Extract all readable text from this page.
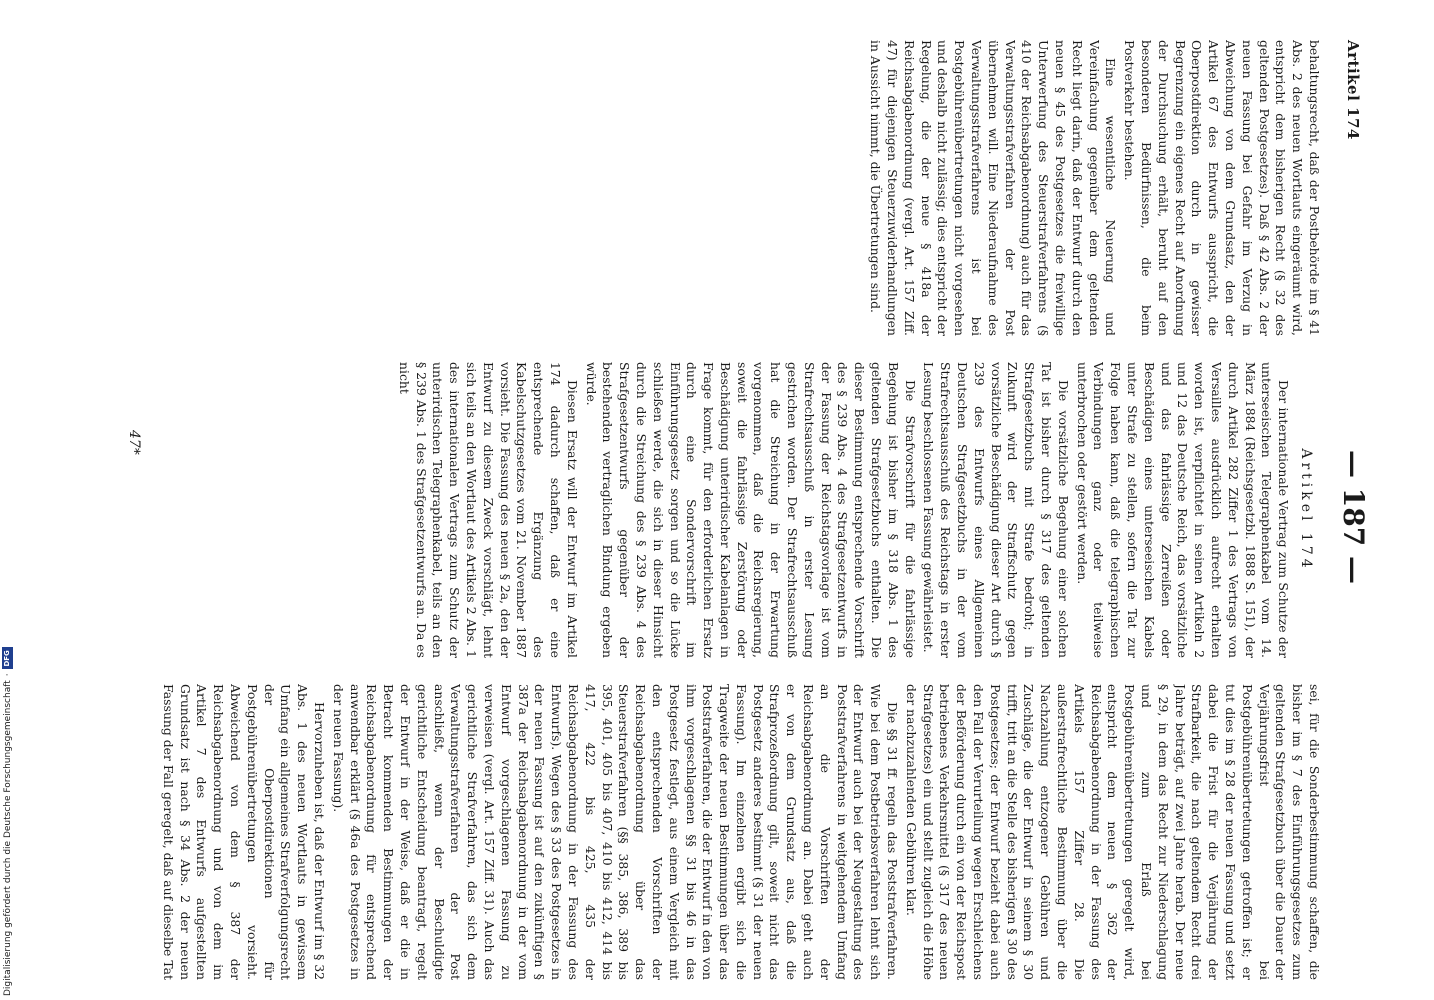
Artikel 174
— 187 —

behaltungsrecht, daß der Postbehörde im § 41 Abs. 2 des neuen Wortlauts eingeräumt wird, entspricht dem bisherigen Recht (§ 32 des geltenden Postgesetzes). Daß § 42 Abs. 2 der neuen Fassung bei Gefahr im Verzug in Abweichung von dem Grundsatz, den der Artikel 67 des Entwurfs ausspricht, die Oberpostdirektion durch in gewisser Begrenzung ein eigenes Recht auf Anordnung der Durchsuchung erhält, beruht auf den besonderen Bedürfnissen, die beim Postverkehr bestehen.

Eine wesentliche Neuerung und Vereinfachung gegenüber dem geltenden Recht liegt darin, daß der Entwurf durch den neuen § 45 des Postgesetzes die freiwillige Unterwerfung des Steuerstrafverfahrens (§ 410 der Reichsabgabenordnung) auch für das Verwaltungsstrafverfahren der Post übernehmen will. Eine Niederaufnahme des Verwaltungsstrafverfahrens ist bei Postgebührenübertretungen nicht vorgesehen und deshalb nicht zulässig; dies entspricht der Regelung, die der neue § 418a der Reichsabgabenordnung (vergl. Art. 157 Ziff. 47) für diejenigen Steuerzuwiderhandlungen in Aussicht nimmt, die Übertretungen sind.

Artikel 174

Der internationale Vertrag zum Schutze der unterseeischen Telegraphenkabel vom 14. März 1884 (Reichsgesetzbl. 1888 S. 151), der durch Artikel 282 Ziffer 1 des Vertrags von Versailles ausdrücklich aufrecht erhalten worden ist, verpflichtet in seinen Artikeln 2 und 12 das Deutsche Reich, das vorsätzliche und das fahrlässige Zerreißen oder Beschädigen eines unterseeischen Kabels unter Strafe zu stellen, sofern die Tat zur Folge haben kann, daß die telegraphischen Verbindungen ganz oder teilweise unterbrochen oder gestört werden.

Die vorsätzliche Begehung einer solchen Tat ist bisher durch § 317 des geltenden Strafgesetzbuchs mit Strafe bedroht; in Zukunft wird der Straffschutz gegen vorsätzliche Beschädigung dieser Art durch § 239 des Entwurfs eines Allgemeinen Deutschen Strafgesetzbuchs in der vom Strafrechtsausschuß des Reichstags in erster Lesung beschlossenen Fassung gewährleistet.

Die Strafvorschrift für die fahrlässige Begehung ist bisher im § 318 Abs. 1 des geltenden Strafgesetzbuchs enthalten. Die dieser Bestimmung entsprechende Vorschrift des § 239 Abs. 4 des Strafgesetzentwurfs in der Fassung der Reichstagsvorlage ist vom Strafrechtsausschuß in erster Lesung gestrichen worden. Der Strafrechtsausschuß hat die Streichung in der Erwartung vorgenommen, daß die Reichsregierung, soweit die fahrlässige Zerstörung oder Beschädigung unterirdischer Kabelanlagen in Frage kommt, für den erforderlichen Ersatz durch eine Sondervorschrift im Einführungsgesetz sorgen und so die Lücke schließen werde, die sich in dieser Hinsicht durch die Streichung des § 239 Abs. 4 des Strafgesetzentwurfs gegenüber der bestehenden vertraglichen Bindung ergeben würde.

Diesen Ersatz will der Entwurf im Artikel 174 dadurch schaffen, daß er eine entsprechende Ergänzung des Kabelschutzgesetzes vom 21. November 1887 vorsieht. Die Fassung des neuen § 2a, den der Entwurf zu diesem Zweck vorschlägt, lehnt sich teils an den Wortlaut des Artikels 2 Abs. 1 des internationalen Vertrags zum Schutz der unterirdischen Telegraphenkabel, teils an den § 239 Abs. 1 des Strafgesetzentwurfs an. Da es nicht

sei, für die Sonderbestimmung schaffen, die bisher im § 7 des Einführungsgesetzes zum geltenden Strafgesetzbuch über die Dauer der Verjährungsfrist bei Postgebührenübertretungen getroffen ist; er tut dies im § 28 der neuen Fassung und setzt dabei die Frist für die Verjährung der Strafbarkeit, die nach geltendem Recht drei Jahre beträgt, auf zwei Jahre herab. Der neue § 29, in dem das Recht zur Niederschlagung und zum Erlaß bei Postgebührenübertretungen geregelt wird, entspricht dem neuen § 362 der Reichsabgabenordnung in der Fassung des Artikels 157 Ziffer 28. Die außerstrafrechtliche Bestimmung über die Nachzahlung entzogener Gebühren und Zuschläge, die der Entwurf in seinem § 30 trifft, tritt an die Stelle des bisherigen § 30 des Postgesetzes; der Entwurf bezieht dabei auch den Fall der Verurteilung wegen Erschleichens der Beförderung durch ein von der Reichspost betriebenes Verkehrsmittel (§ 317 des neuen Strafgesetzes) ein und stellt zugleich die Höhe der nachzuzahlenden Gebühren klar.

Die §§ 31 ff. regeln das Poststrafverfahren. Wie bei dem Postbetriebsverfahren lehnt sich der Entwurf auch bei der Neugestaltung des Poststrafverfahrens in weitgehendem Umfang an die Vorschriften der Reichsabgabenordnung an. Dabei geht auch er von dem Grundsatz aus, daß die Strafprozeßordnung gilt, soweit nicht das Postgesetz anderes bestimmt (§ 31 der neuen Fassung). Im einzelnen ergibt sich die Tragweite der neuen Bestimmungen über das Poststrafverfahren, die der Entwurf in den von ihm vorgeschlagenen §§ 31 bis 46 in das Postgesetz festlegt, aus einem Vergleich mit den entsprechenden Vorschriften der Reichsabgabenordnung über das Steuerstrafverfahren (§§ 385, 386, 389 bis 395, 401, 405 bis 407, 410 bis 412, 414 bis 417, 422 bis 425, 435 der Reichsabgabenordnung in der Fassung des Entwurfs). Wegen des § 33 des Postgesetzes in der neuen Fassung ist auf den zukünftigen § 387a der Reichsabgabenordnung in der vom Entwurf vorgeschlagenen Fassung zu verweisen (vergl. Art. 157 Ziff. 31). Auch das gerichtliche Strafverfahren, das sich dem Verwaltungsstrafverfahren der Post anschließt, wenn der Beschuldigte gerichtliche Entscheidung beantragt, regelt der Entwurf in der Weise, daß er die in Betracht kommenden Bestimmungen der Reichsabgabenordnung für entsprechend anwendbar erklärt (§ 46a des Postgesetzes in der neuen Fassung).

Hervorzuheben ist, daß der Entwurf im § 32 Abs. 1 des neuen Wortlauts in gewissem Umfang ein allgemeines Strafverfolgungsrecht der Oberpostdirektionen für Postgebührenübertretungen vorsieht. Abweichend von dem § 387 der Reichsabgabenordnung und von dem im Artikel 7 des Entwurfs aufgestellten Grundsatz ist nach § 34 Abs. 2 der neuen Fassung der Fall geregelt, daß auf dieselbe Tat

47*
Digitalisierung gefördert durch die Deutsche Forschungsgemeinschaft
·
DFG
